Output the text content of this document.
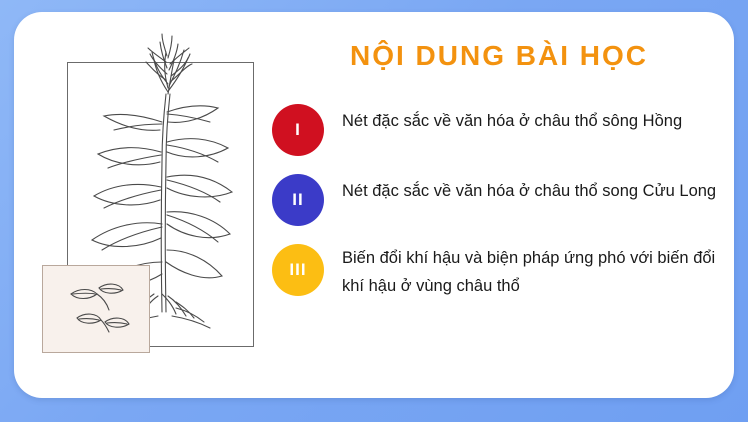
NỘI DUNG BÀI HỌC
I	Nét đặc sắc về văn hóa ở châu thổ sông Hồng
II	Nét đặc sắc về văn hóa ở châu thổ song Cửu Long
III
Biến đổi khí hậu và biện pháp ứng phó với biến đổi khí hậu ở vùng châu thổ
